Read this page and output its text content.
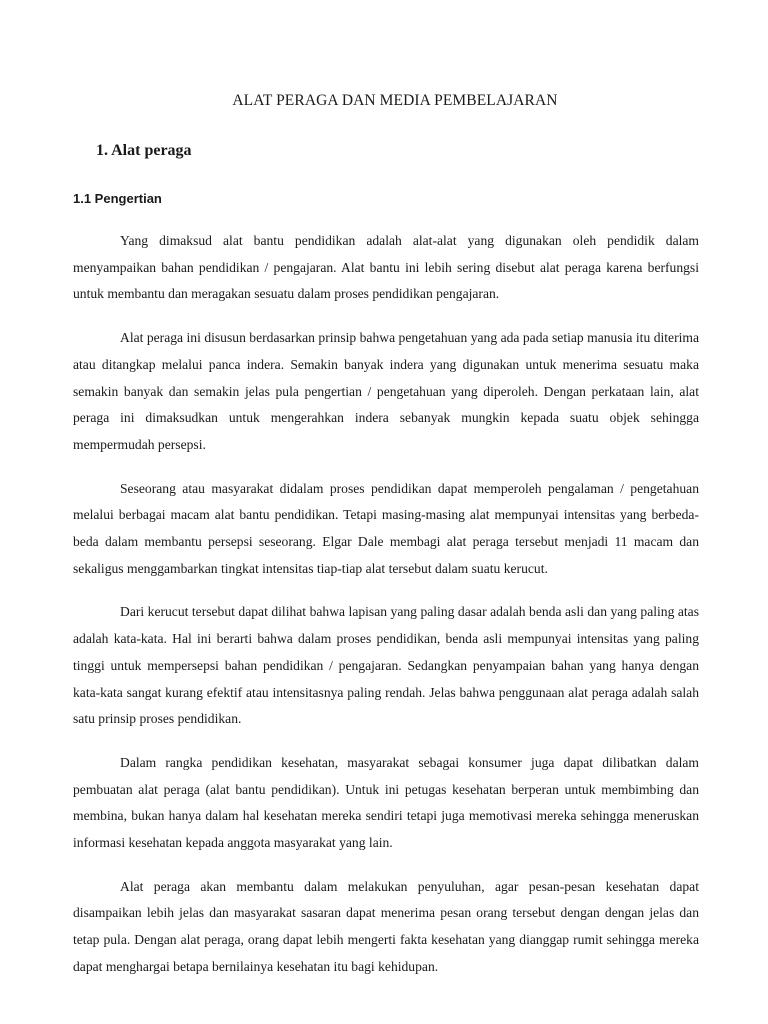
ALAT PERAGA DAN MEDIA PEMBELAJARAN
1. Alat peraga
1.1 Pengertian

Yang dimaksud alat bantu pendidikan adalah alat-alat yang digunakan oleh pendidik dalam menyampaikan bahan pendidikan / pengajaran. Alat bantu ini lebih sering disebut alat peraga karena berfungsi untuk membantu dan meragakan sesuatu dalam proses pendidikan pengajaran.

Alat peraga ini disusun berdasarkan prinsip bahwa pengetahuan yang ada pada setiap manusia itu diterima atau ditangkap melalui panca indera. Semakin banyak indera yang digunakan untuk menerima sesuatu maka semakin banyak dan semakin jelas pula pengertian / pengetahuan yang diperoleh. Dengan perkataan lain, alat peraga ini dimaksudkan untuk mengerahkan indera sebanyak mungkin kepada suatu objek sehingga mempermudah persepsi.

Seseorang atau masyarakat didalam proses pendidikan dapat memperoleh pengalaman / pengetahuan melalui berbagai macam alat bantu pendidikan. Tetapi masing-masing alat mempunyai intensitas yang berbeda-beda dalam membantu persepsi seseorang. Elgar Dale membagi alat peraga tersebut menjadi 11 macam dan sekaligus menggambarkan tingkat intensitas tiap-tiap alat tersebut dalam suatu kerucut.

Dari kerucut tersebut dapat dilihat bahwa lapisan yang paling dasar adalah benda asli dan yang paling atas adalah kata-kata. Hal ini berarti bahwa dalam proses pendidikan, benda asli mempunyai intensitas yang paling tinggi untuk mempersepsi bahan pendidikan / pengajaran. Sedangkan penyampaian bahan yang hanya dengan kata-kata sangat kurang efektif atau intensitasnya paling rendah. Jelas bahwa penggunaan alat peraga adalah salah satu prinsip proses pendidikan.

Dalam rangka pendidikan kesehatan, masyarakat sebagai konsumer juga dapat dilibatkan dalam pembuatan alat peraga (alat bantu pendidikan). Untuk ini petugas kesehatan berperan untuk membimbing dan membina, bukan hanya dalam hal kesehatan mereka sendiri tetapi juga memotivasi mereka sehingga meneruskan informasi kesehatan kepada anggota masyarakat yang lain.

Alat peraga akan membantu dalam melakukan penyuluhan, agar pesan-pesan kesehatan dapat disampaikan lebih jelas dan masyarakat sasaran dapat menerima pesan orang tersebut dengan dengan jelas dan tetap pula. Dengan alat peraga, orang dapat lebih mengerti fakta kesehatan yang dianggap rumit sehingga mereka dapat menghargai betapa bernilainya kesehatan itu bagi kehidupan.
